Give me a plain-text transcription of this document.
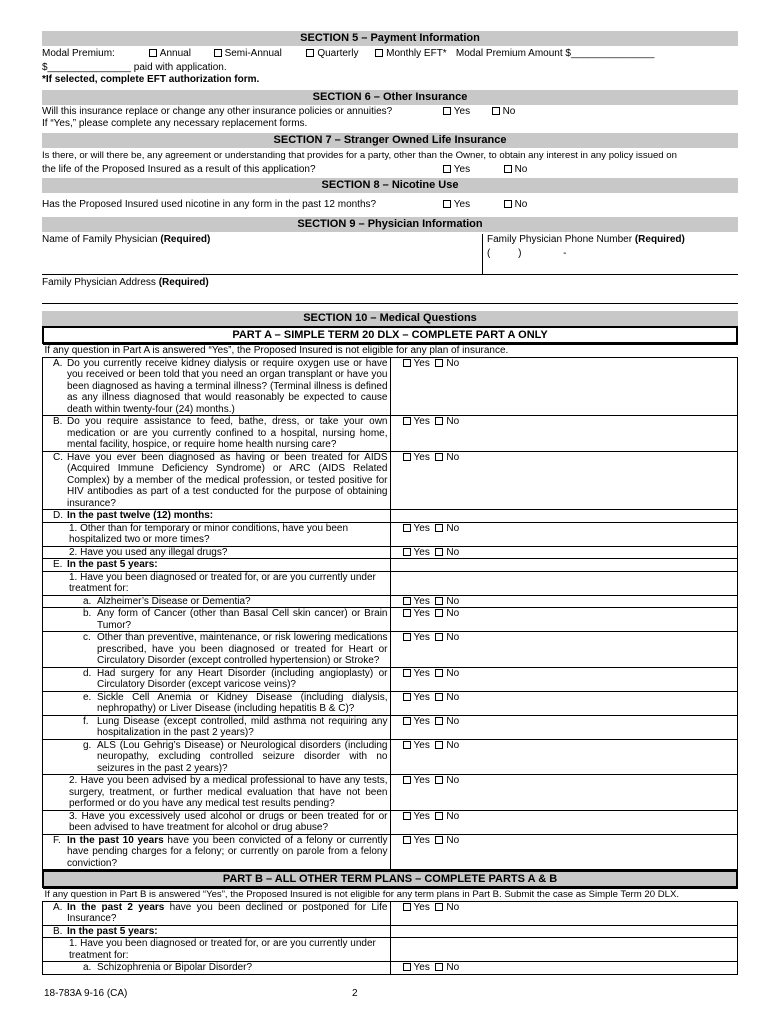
SECTION 5 – Payment Information
Modal Premium:	Annual	Semi-Annual	Quarterly	Monthly EFT* Modal Premium Amount $_______________
$_______________ paid with application.
*If selected, complete EFT authorization form.
SECTION 6 – Other Insurance
Will this insurance replace or change any other insurance policies or annuities?	Yes	No
If “Yes,” please complete any necessary replacement forms.
SECTION 7 – Stranger Owned Life Insurance
Is there, or will there be, any agreement or understanding that provides for a party, other than the Owner, to obtain any interest in any policy issued on
the life of the Proposed Insured as a result of this application?	Yes	No
SECTION 8 – Nicotine Use
Has the Proposed Insured used nicotine in any form in the past 12 months?	Yes	No
SECTION 9 – Physician Information
Name of Family Physician (Required)	Family Physician Phone Number (Required)
(          )               -
Family Physician Address (Required)
SECTION 10 – Medical Questions
PART A – SIMPLE TERM 20 DLX – COMPLETE PART A ONLY
If any question in Part A is answered “Yes”, the Proposed Insured is not eligible for any plan of insurance.	

A. Do you currently receive kidney dialysis or require oxygen use or have you received or been told that you need an organ transplant or have you been diagnosed as having a terminal illness? (Terminal illness is defined as any illness diagnosed that would reasonably be expected to cause death within twenty-four (24) months.)	Yes No

B. Do you require assistance to feed, bathe, dress, or take your own medication or are you currently confined to a hospital, nursing home, mental facility, hospice, or require home health nursing care?	Yes No

C. Have you ever been diagnosed as having or been treated for AIDS (Acquired Immune Deficiency Syndrome) or ARC (AIDS Related Complex) by a member of the medical profession, or tested positive for HIV antibodies as part of a test conducted for the purpose of obtaining insurance?	Yes No

D. In the past twelve (12) months:	

1. Other than for temporary or minor conditions, have you been hospitalized two or more times?	Yes No

2. Have you used any illegal drugs?	Yes No

E. In the past 5 years:	

1. Have you been diagnosed or treated for, or are you currently under treatment for:	

a. Alzheimer’s Disease or Dementia?	Yes No

b. Any form of Cancer (other than Basal Cell skin cancer) or Brain Tumor?	Yes No

c. Other than preventive, maintenance, or risk lowering medications prescribed, have you been diagnosed or treated for Heart or Circulatory Disorder (except controlled hypertension) or Stroke?	Yes No

d. Had surgery for any Heart Disorder (including angioplasty) or Circulatory Disorder (except varicose veins)?	Yes No

e. Sickle Cell Anemia or Kidney Disease (including dialysis, nephropathy) or Liver Disease (including hepatitis B & C)?	Yes No

f. Lung Disease (except controlled, mild asthma not requiring any hospitalization in the past 2 years)?	Yes No

g. ALS (Lou Gehrig’s Disease) or Neurological disorders (including neuropathy, excluding controlled seizure disorder with no seizures in the past 2 years)?	Yes No

2. Have you been advised by a medical professional to have any tests, surgery, treatment, or further medical evaluation that have not been performed or do you have any medical test results pending?	Yes No

3. Have you excessively used alcohol or drugs or been treated for or been advised to have treatment for alcohol or drug abuse?	Yes No

F. In the past 10 years have you been convicted of a felony or currently have pending charges for a felony; or currently on parole from a felony conviction?	Yes No
PART B – ALL OTHER TERM PLANS – COMPLETE PARTS A & B
If any question in Part B is answered “Yes”, the Proposed Insured is not eligible for any term plans in Part B. Submit the case as Simple Term 20 DLX.	

A. In the past 2 years have you been declined or postponed for Life Insurance?	Yes No

B. In the past 5 years:	

1. Have you been diagnosed or treated for, or are you currently under treatment for:	

a. Schizophrenia or Bipolar Disorder?	Yes No
18-783A 9-16 (CA)	2
